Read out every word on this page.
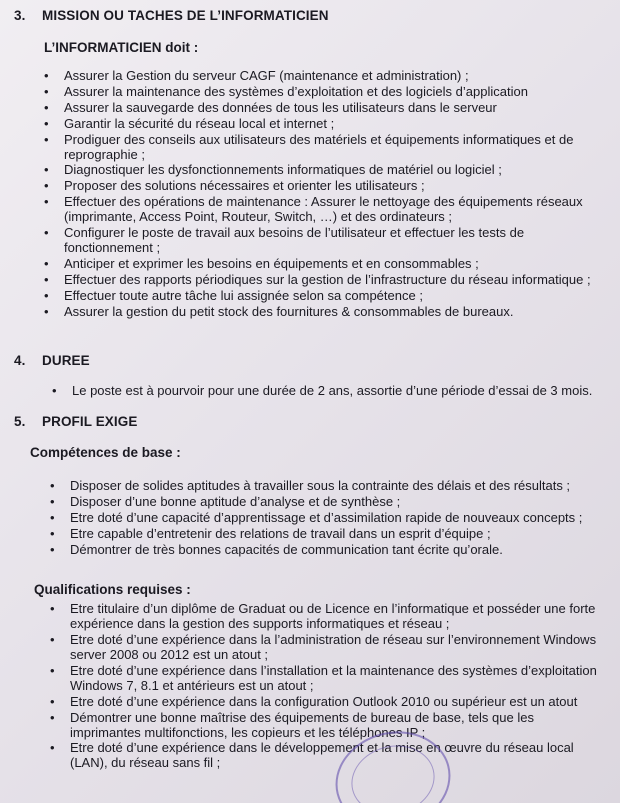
3. MISSION OU TACHES DE L’INFORMATICIEN
L’INFORMATICIEN doit :
• Assurer la Gestion du serveur CAGF (maintenance et administration) ;
• Assurer la maintenance des systèmes d’exploitation et des logiciels d’application
• Assurer la sauvegarde des données de tous les utilisateurs dans le serveur
• Garantir la sécurité du réseau local et internet ;
• Prodiguer des conseils aux utilisateurs des matériels et équipements informatiques et de reprographie ;
• Diagnostiquer les dysfonctionnements informatiques de matériel ou logiciel ;
• Proposer des solutions nécessaires et orienter les utilisateurs ;
• Effectuer des opérations de maintenance : Assurer le nettoyage des équipements réseaux (imprimante, Access Point, Routeur, Switch, …) et des ordinateurs ;
• Configurer le poste de travail aux besoins de l’utilisateur et effectuer les tests de fonctionnement ;
• Anticiper et exprimer les besoins en équipements et en consommables ;
• Effectuer des rapports périodiques sur la gestion de l’infrastructure du réseau informatique ;
• Effectuer toute autre tâche lui assignée selon sa compétence ;
• Assurer la gestion du petit stock des fournitures & consommables de bureaux.
4. DUREE
• Le poste est à pourvoir pour une durée de 2 ans, assortie d’une période d’essai de 3 mois.
5. PROFIL EXIGE
Compétences de base :
• Disposer de solides aptitudes à travailler sous la contrainte des délais et des résultats ;
• Disposer d’une bonne aptitude d’analyse et de synthèse ;
• Etre doté d’une capacité d’apprentissage et d’assimilation rapide de nouveaux concepts ;
• Etre capable d’entretenir des relations de travail dans un esprit d’équipe ;
• Démontrer de très bonnes capacités de communication tant écrite qu’orale.
Qualifications requises :
• Etre titulaire d’un diplôme de Graduat ou de Licence en l’informatique et posséder une forte expérience dans la gestion des supports informatiques et réseau ;
• Etre doté d’une expérience dans la l’administration de réseau sur l’environnement Windows server 2008 ou 2012 est un atout ;
• Etre doté d’une expérience dans l’installation et la maintenance des systèmes d’exploitation Windows 7, 8.1 et antérieurs est un atout ;
• Etre doté d’une expérience dans la configuration Outlook 2010 ou supérieur est un atout
• Démontrer une bonne maîtrise des équipements de bureau de base, tels que les imprimantes multifonctions, les copieurs et les téléphones IP ;
• Etre doté d’une expérience dans le développement et la mise en œuvre du réseau local (LAN), du réseau sans fil ;
